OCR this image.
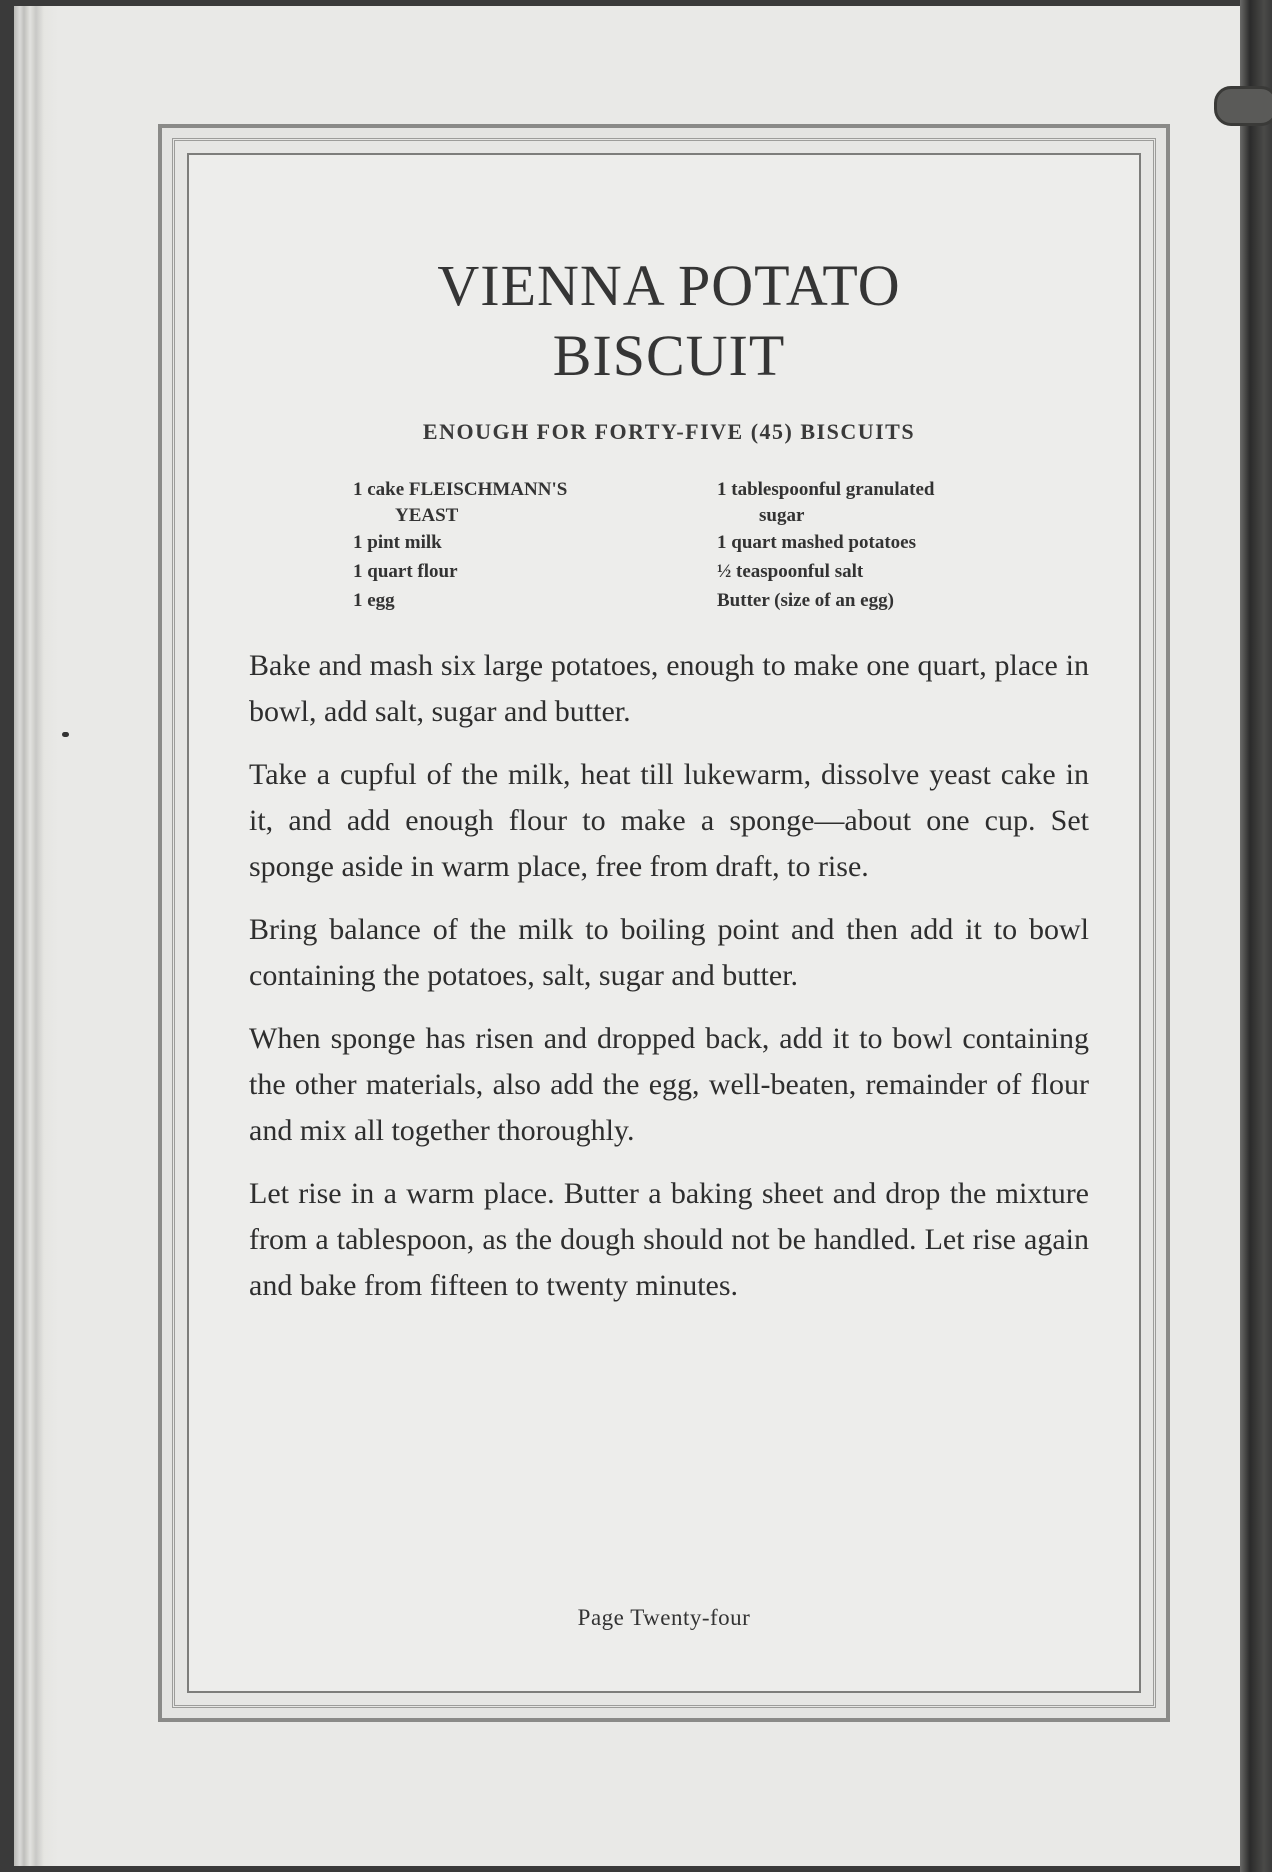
VIENNA POTATO
BISCUIT
ENOUGH FOR FORTY-FIVE (45) BISCUITS
1 cake FLEISCHMANN'S
YEAST
1 pint milk
1 quart flour
1 egg
1 tablespoonful granulated
sugar
1 quart mashed potatoes
½ teaspoonful salt
Butter (size of an egg)

Bake and mash six large potatoes, enough to make one quart, place in bowl, add salt, sugar and butter.

Take a cupful of the milk, heat till lukewarm, dissolve yeast cake in it, and add enough flour to make a sponge—about one cup. Set sponge aside in warm place, free from draft, to rise.

Bring balance of the milk to boiling point and then add it to bowl containing the potatoes, salt, sugar and butter.

When sponge has risen and dropped back, add it to bowl containing the other materials, also add the egg, well-beaten, remainder of flour and mix all together thoroughly.

Let rise in a warm place. Butter a baking sheet and drop the mixture from a tablespoon, as the dough should not be handled. Let rise again and bake from fifteen to twenty minutes.

Page Twenty-four
